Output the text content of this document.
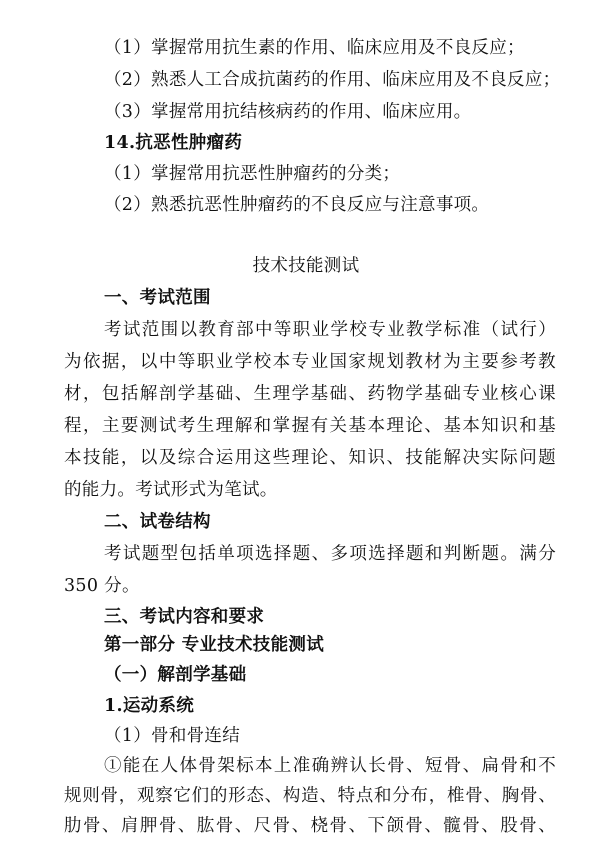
（1）掌握常用抗生素的作用、临床应用及不良反应；
（2）熟悉人工合成抗菌药的作用、临床应用及不良反应；
（3）掌握常用抗结核病药的作用、临床应用。
14.抗恶性肿瘤药
（1）掌握常用抗恶性肿瘤药的分类；
（2）熟悉抗恶性肿瘤药的不良反应与注意事项。
技术技能测试
一、考试范围
考试范围以教育部中等职业学校专业教学标准（试行）
为依据，以中等职业学校本专业国家规划教材为主要参考教
材，包括解剖学基础、生理学基础、药物学基础专业核心课
程，主要测试考生理解和掌握有关基本理论、基本知识和基
本技能，以及综合运用这些理论、知识、技能解决实际问题
的能力。考试形式为笔试。
二、试卷结构
考试题型包括单项选择题、多项选择题和判断题。满分
350 分。
三、考试内容和要求
第一部分 专业技术技能测试
（一）解剖学基础
1.运动系统
（1）骨和骨连结
①能在人体骨架标本上准确辨认长骨、短骨、扁骨和不
规则骨，观察它们的形态、构造、特点和分布，椎骨、胸骨、
肋骨、肩胛骨、肱骨、尺骨、桡骨、下颌骨、髋骨、股骨、
